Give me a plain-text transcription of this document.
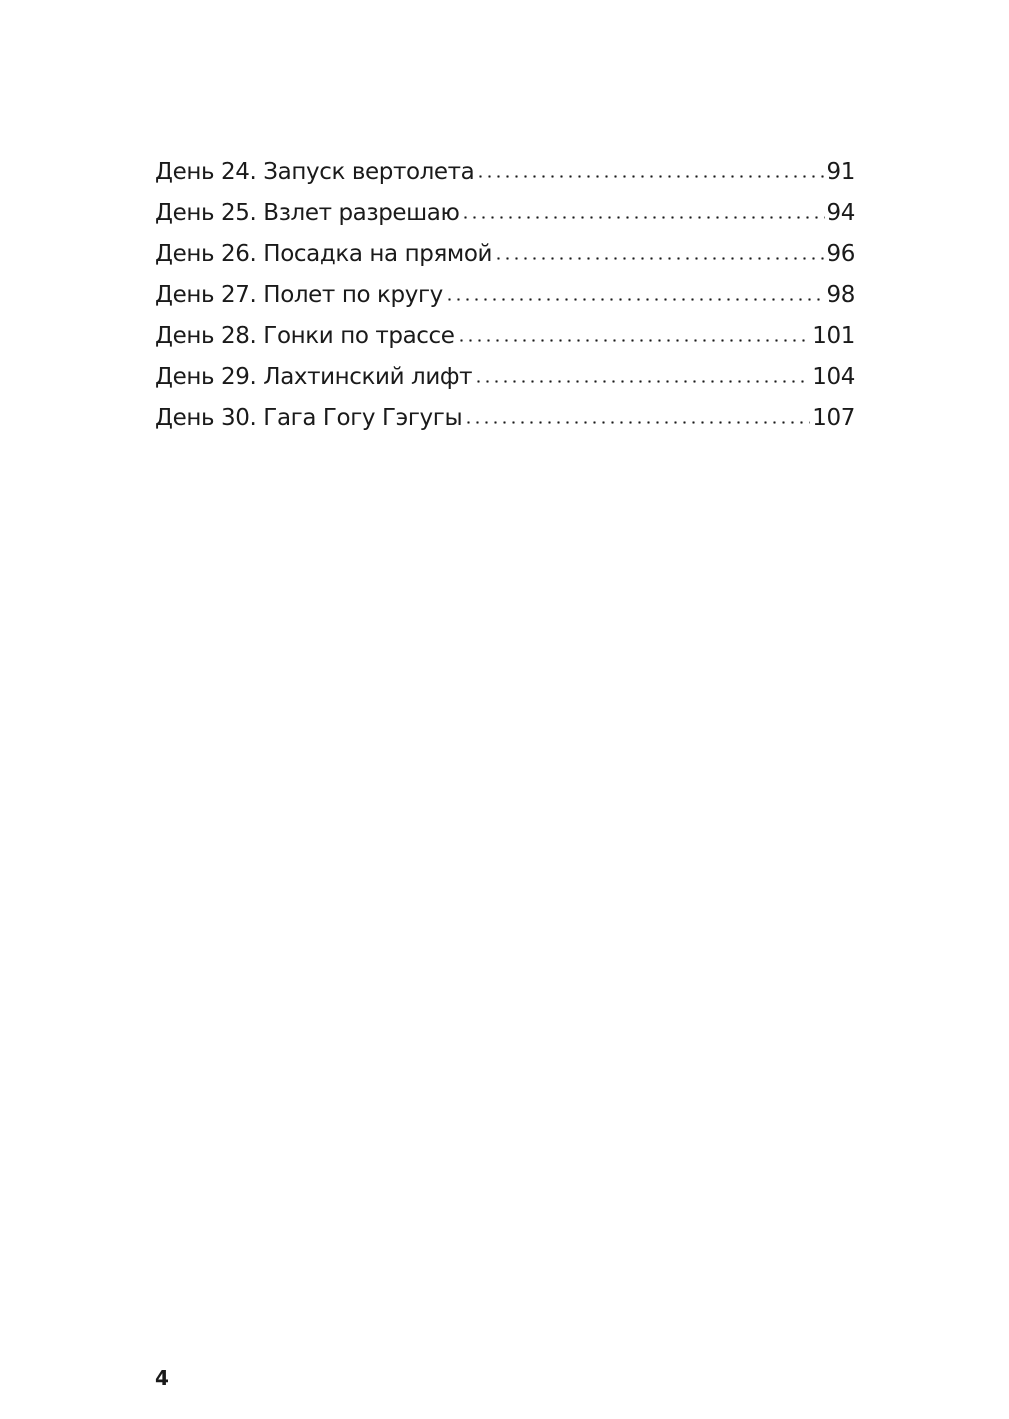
День 24. Запуск вертолета	91
День 25. Взлет разрешаю	94
День 26. Посадка на прямой	96
День 27. Полет по кругу	98
День 28. Гонки по трассе	101
День 29. Лахтинский лифт	104
День 30. Гага Гогу Гэгугы	107
4
